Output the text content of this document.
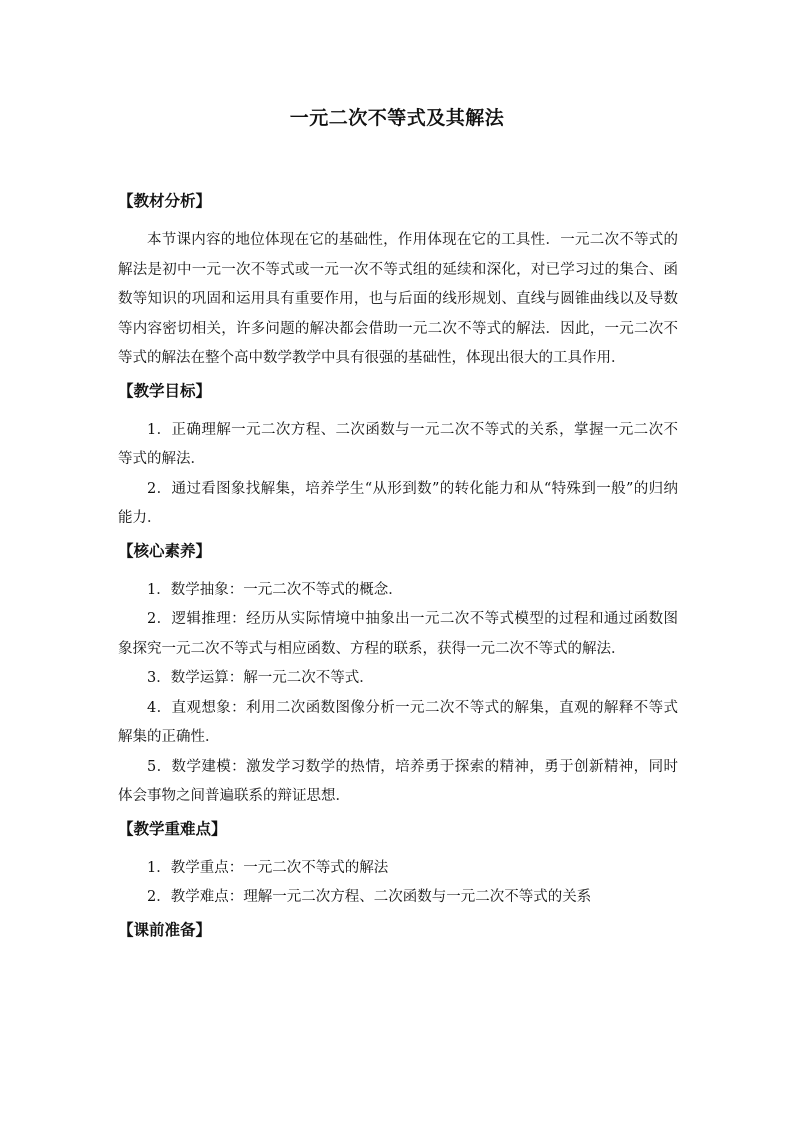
一元二次不等式及其解法
【教材分析】

本节课内容的地位体现在它的基础性，作用体现在它的工具性．一元二次不等式的解法是初中一元一次不等式或一元一次不等式组的延续和深化，对已学习过的集合、函数等知识的巩固和运用具有重要作用，也与后面的线形规划、直线与圆锥曲线以及导数等内容密切相关，许多问题的解决都会借助一元二次不等式的解法．因此，一元二次不等式的解法在整个高中数学教学中具有很强的基础性，体现出很大的工具作用．

【教学目标】

1．正确理解一元二次方程、二次函数与一元二次不等式的关系，掌握一元二次不等式的解法．

2．通过看图象找解集，培养学生“从形到数”的转化能力和从“特殊到一般”的归纳能力．

【核心素养】

1．数学抽象：一元二次不等式的概念．

2．逻辑推理：经历从实际情境中抽象出一元二次不等式模型的过程和通过函数图象探究一元二次不等式与相应函数、方程的联系，获得一元二次不等式的解法．

3．数学运算：解一元二次不等式．

4．直观想象：利用二次函数图像分析一元二次不等式的解集，直观的解释不等式解集的正确性．

5．数学建模：激发学习数学的热情，培养勇于探索的精神，勇于创新精神，同时体会事物之间普遍联系的辩证思想．

【教学重难点】

1．教学重点：一元二次不等式的解法

2．教学难点：理解一元二次方程、二次函数与一元二次不等式的关系

【课前准备】
